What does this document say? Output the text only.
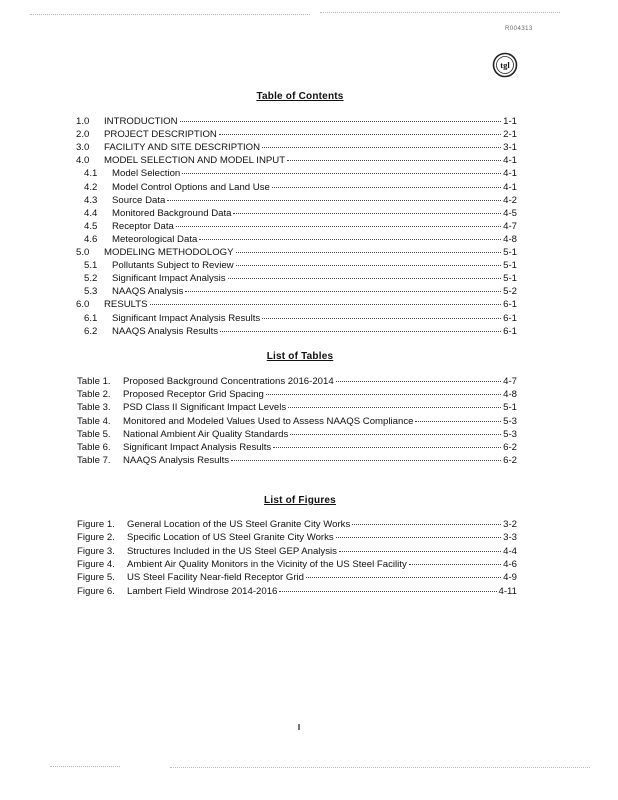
R004313
tgl
Table of Contents
1.0	INTRODUCTION	1-1
2.0	PROJECT DESCRIPTION	2-1
3.0	FACILITY AND SITE DESCRIPTION	3-1
4.0	MODEL SELECTION AND MODEL INPUT	4-1
4.1	Model Selection	4-1
4.2	Model Control Options and Land Use	4-1
4.3	Source Data	4-2
4.4	Monitored Background Data	4-5
4.5	Receptor Data	4-7
4.6	Meteorological Data	4-8
5.0	MODELING METHODOLOGY	5-1
5.1	Pollutants Subject to Review	5-1
5.2	Significant Impact Analysis	5-1
5.3	NAAQS Analysis	5-2
6.0	RESULTS	6-1
6.1	Significant Impact Analysis Results	6-1
6.2	NAAQS Analysis Results	6-1
List of Tables
Table 1.	Proposed Background Concentrations 2016-2014	4-7
Table 2.	Proposed Receptor Grid Spacing	4-8
Table 3.	PSD Class II Significant Impact Levels	5-1
Table 4.	Monitored and Modeled Values Used to Assess NAAQS Compliance	5-3
Table 5.	National Ambient Air Quality Standards	5-3
Table 6.	Significant Impact Analysis Results	6-2
Table 7.	NAAQS Analysis Results	6-2
List of Figures
Figure 1.	General Location of the US Steel Granite City Works	3-2
Figure 2.	Specific Location of US Steel Granite City Works	3-3
Figure 3.	Structures Included in the US Steel GEP Analysis	4-4
Figure 4.	Ambient Air Quality Monitors in the Vicinity of the US Steel Facility	4-6
Figure 5.	US Steel Facility Near-field Receptor Grid	4-9
Figure 6.	Lambert Field Windrose 2014-2016	4-11
